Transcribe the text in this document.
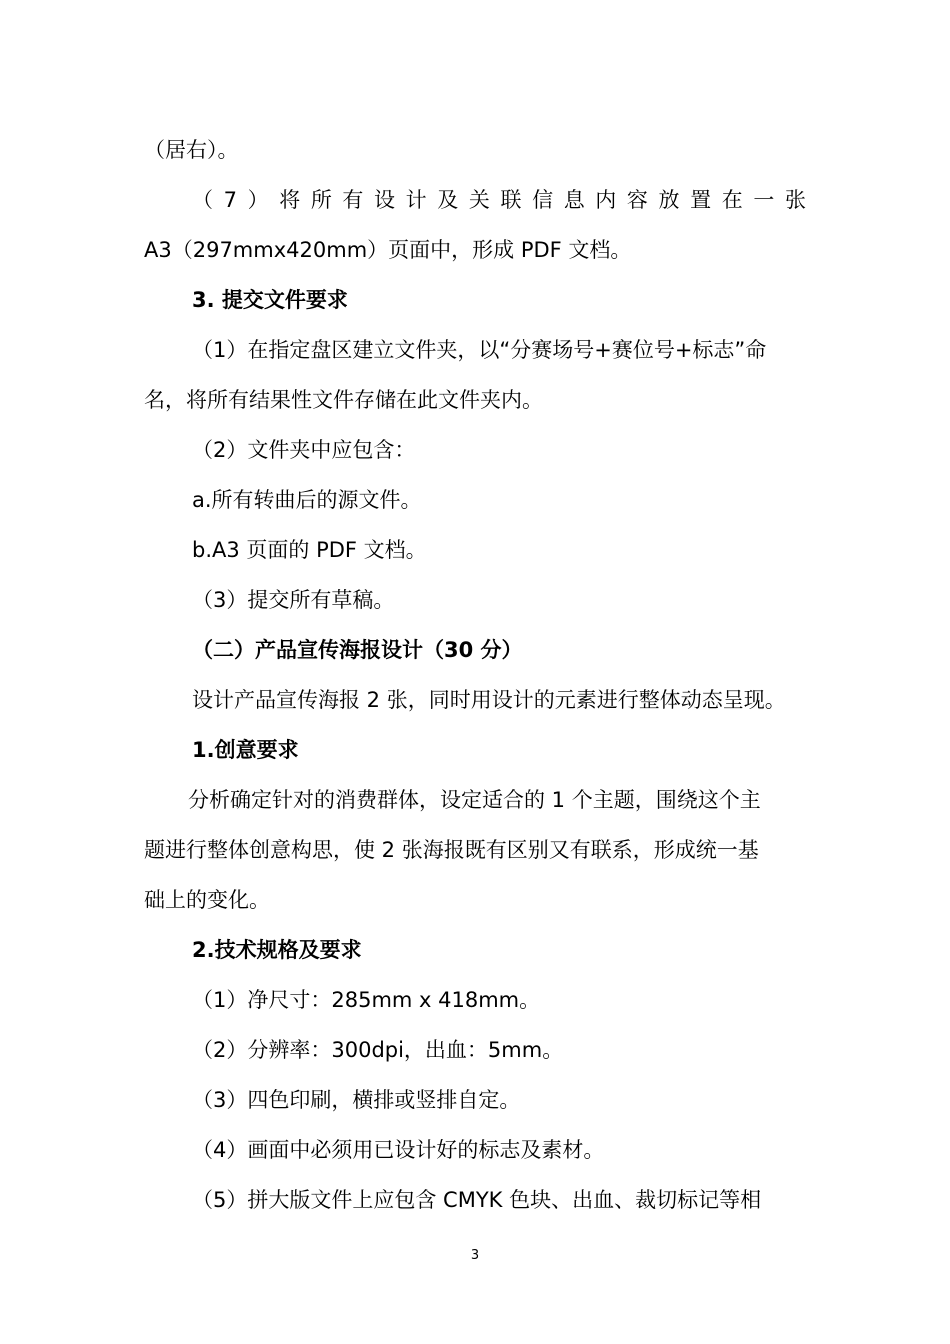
（居右）。
（ 7 ） 将 所 有 设 计 及 关 联 信 息 内 容 放 置 在 一 张
A3（297mmx420mm）页面中，形成 PDF 文档。
3. 提交文件要求
（1）在指定盘区建立文件夹，以“分赛场号+赛位号+标志”命
名，将所有结果性文件存储在此文件夹内。
（2）文件夹中应包含：
a.所有转曲后的源文件。
b.A3 页面的 PDF 文档。
（3）提交所有草稿。
（二）产品宣传海报设计（30 分）
设计产品宣传海报 2 张，同时用设计的元素进行整体动态呈现。
1.创意要求
分析确定针对的消费群体，设定适合的 1 个主题，围绕这个主
题进行整体创意构思，使 2 张海报既有区别又有联系，形成统一基
础上的变化。
2.技术规格及要求
（1）净尺寸：285mm x 418mm。
（2）分辨率：300dpi，出血：5mm。
（3）四色印刷，横排或竖排自定。
（4）画面中必须用已设计好的标志及素材。
（5）拼大版文件上应包含 CMYK 色块、出血、裁切标记等相
3
